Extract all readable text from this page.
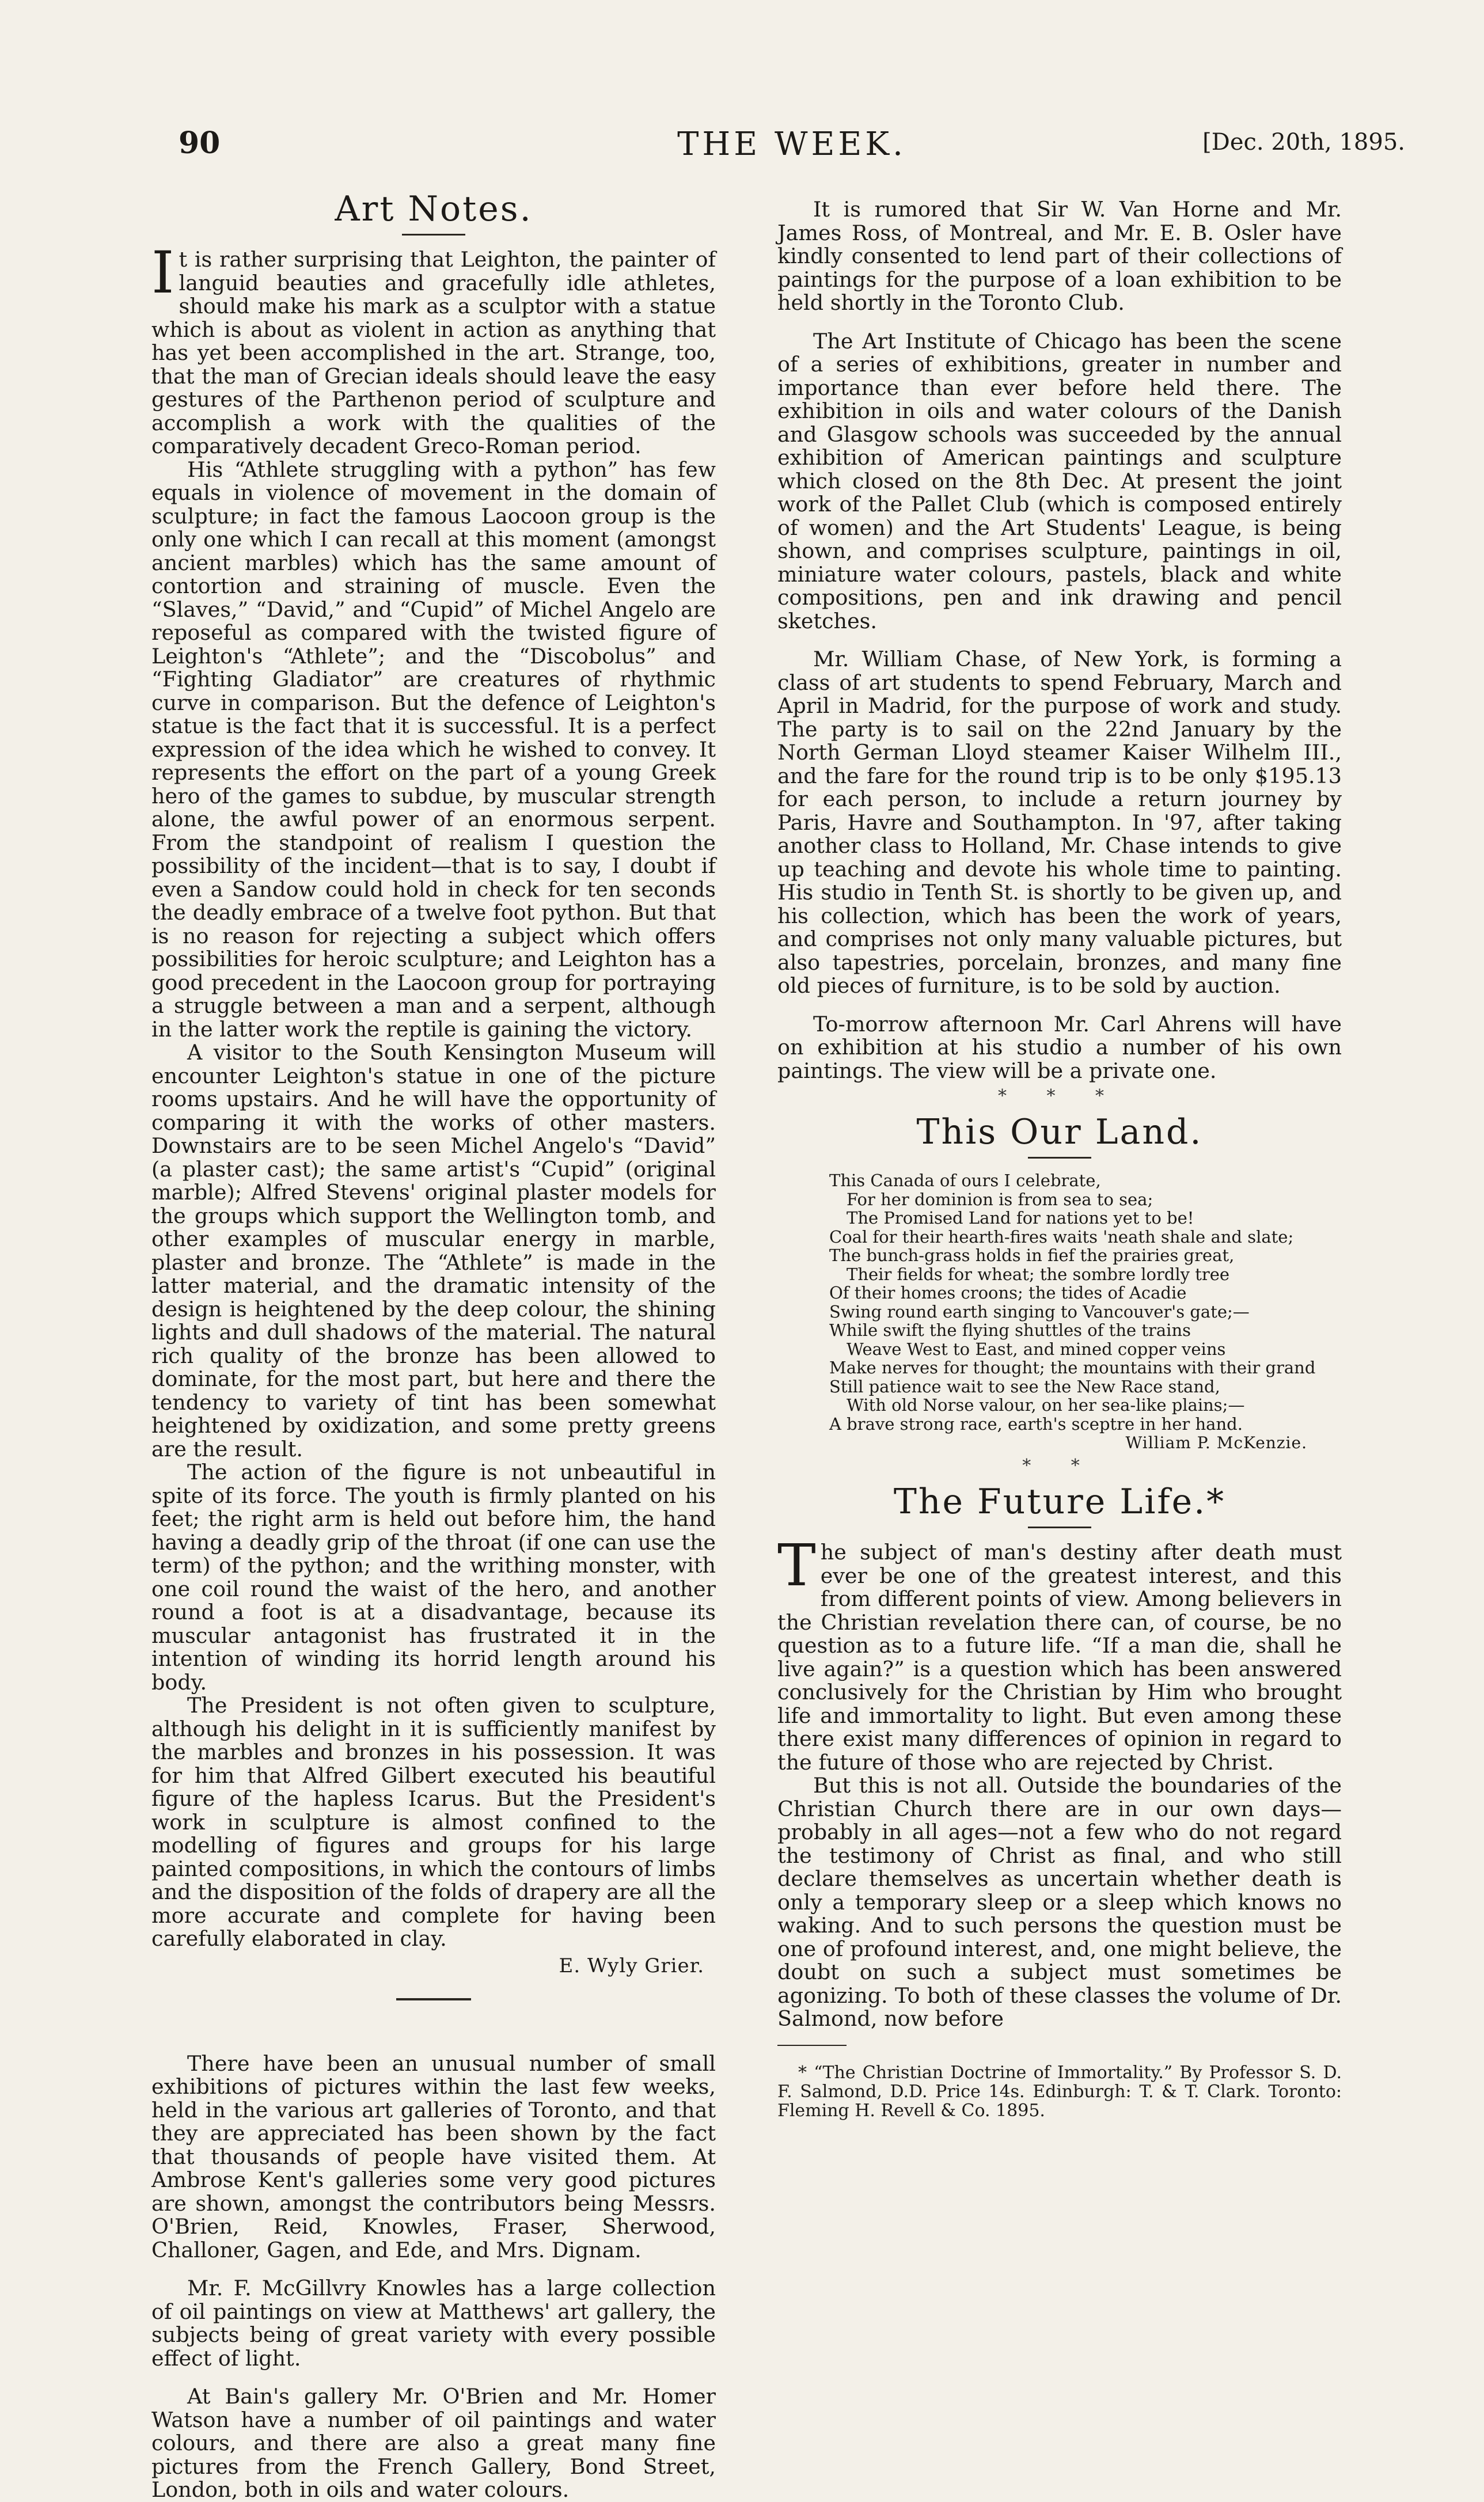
90	THE WEEK.	[Dec. 20th, 1895.
Art Notes.

It is rather surprising that Leighton, the painter of languid beauties and gracefully idle athletes, should make his mark as a sculptor with a statue which is about as violent in action as anything that has yet been accomplished in the art. Strange, too, that the man of Grecian ideals should leave the easy gestures of the Parthenon period of sculpture and accomplish a work with the qualities of the comparatively decadent Greco-Roman period.

His “Athlete struggling with a python” has few equals in violence of movement in the domain of sculpture; in fact the famous Laocoon group is the only one which I can recall at this moment (amongst ancient marbles) which has the same amount of contortion and straining of muscle. Even the “Slaves,” “David,” and “Cupid” of Michel Angelo are reposeful as compared with the twisted figure of Leighton's “Athlete”; and the “Discobolus” and “Fighting Gladiator” are creatures of rhythmic curve in comparison. But the defence of Leighton's statue is the fact that it is successful. It is a perfect expression of the idea which he wished to convey. It represents the effort on the part of a young Greek hero of the games to subdue, by muscular strength alone, the awful power of an enormous serpent. From the standpoint of realism I question the possibility of the incident—that is to say, I doubt if even a Sandow could hold in check for ten seconds the deadly embrace of a twelve foot python. But that is no reason for rejecting a subject which offers possibilities for heroic sculpture; and Leighton has a good precedent in the Laocoon group for portraying a struggle between a man and a serpent, although in the latter work the reptile is gaining the victory.

A visitor to the South Kensington Museum will encounter Leighton's statue in one of the picture rooms upstairs. And he will have the opportunity of comparing it with the works of other masters. Downstairs are to be seen Michel Angelo's “David” (a plaster cast); the same artist's “Cupid” (original marble); Alfred Stevens' original plaster models for the groups which support the Wellington tomb, and other examples of muscular energy in marble, plaster and bronze. The “Athlete” is made in the latter material, and the dramatic intensity of the design is heightened by the deep colour, the shining lights and dull shadows of the material. The natural rich quality of the bronze has been allowed to dominate, for the most part, but here and there the tendency to variety of tint has been somewhat heightened by oxidization, and some pretty greens are the result.

The action of the figure is not unbeautiful in spite of its force. The youth is firmly planted on his feet; the right arm is held out before him, the hand having a deadly grip of the throat (if one can use the term) of the python; and the writhing monster, with one coil round the waist of the hero, and another round a foot is at a disadvantage, because its muscular antagonist has frustrated it in the intention of winding its horrid length around his body.

The President is not often given to sculpture, although his delight in it is sufficiently manifest by the marbles and bronzes in his possession. It was for him that Alfred Gilbert executed his beautiful figure of the hapless Icarus. But the President's work in sculpture is almost confined to the modelling of figures and groups for his large painted compositions, in which the contours of limbs and the disposition of the folds of drapery are all the more accurate and complete for having been carefully elaborated in clay.

E. Wyly Grier.

There have been an unusual number of small exhibitions of pictures within the last few weeks, held in the various art galleries of Toronto, and that they are appreciated has been shown by the fact that thousands of people have visited them. At Ambrose Kent's galleries some very good pictures are shown, amongst the contributors being Messrs. O'Brien, Reid, Knowles, Fraser, Sherwood, Challoner, Gagen, and Ede, and Mrs. Dignam.

Mr. F. McGillvry Knowles has a large collection of oil paintings on view at Matthews' art gallery, the subjects being of great variety with every possible effect of light.

At Bain's gallery Mr. O'Brien and Mr. Homer Watson have a number of oil paintings and water colours, and there are also a great many fine pictures from the French Gallery, Bond Street, London, both in oils and water colours.

It is rumored that Sir W. Van Horne and Mr. James Ross, of Montreal, and Mr. E. B. Osler have kindly consented to lend part of their collections of paintings for the purpose of a loan exhibition to be held shortly in the Toronto Club.

The Art Institute of Chicago has been the scene of a series of exhibitions, greater in number and importance than ever before held there. The exhibition in oils and water colours of the Danish and Glasgow schools was succeeded by the annual exhibition of American paintings and sculpture which closed on the 8th Dec. At present the joint work of the Pallet Club (which is composed entirely of women) and the Art Students' League, is being shown, and comprises sculpture, paintings in oil, miniature water colours, pastels, black and white compositions, pen and ink drawing and pencil sketches.

Mr. William Chase, of New York, is forming a class of art students to spend February, March and April in Madrid, for the purpose of work and study. The party is to sail on the 22nd January by the North German Lloyd steamer Kaiser Wilhelm III., and the fare for the round trip is to be only $195.13 for each person, to include a return journey by Paris, Havre and Southampton. In '97, after taking another class to Holland, Mr. Chase intends to give up teaching and devote his whole time to painting. His studio in Tenth St. is shortly to be given up, and his collection, which has been the work of years, and comprises not only many valuable pictures, but also tapestries, porcelain, bronzes, and many fine old pieces of furniture, is to be sold by auction.

To-morrow afternoon Mr. Carl Ahrens will have on exhibition at his studio a number of his own paintings. The view will be a private one.

* * *
This Our Land.
This Canada of ours I celebrate,
For her dominion is from sea to sea;
The Promised Land for nations yet to be!
Coal for their hearth-fires waits 'neath shale and slate;
The bunch-grass holds in fief the prairies great,
Their fields for wheat; the sombre lordly tree
Of their homes croons; the tides of Acadie
Swing round earth singing to Vancouver's gate;—
While swift the flying shuttles of the trains
Weave West to East, and mined copper veins
Make nerves for thought; the mountains with their grand
Still patience wait to see the New Race stand,
With old Norse valour, on her sea-like plains;—
A brave strong race, earth's sceptre in her hand.
William P. McKenzie.
* *
The Future Life.*

The subject of man's destiny after death must ever be one of the greatest interest, and this from different points of view. Among believers in the Christian revelation there can, of course, be no question as to a future life. “If a man die, shall he live again?” is a question which has been answered conclusively for the Christian by Him who brought life and immortality to light. But even among these there exist many differences of opinion in regard to the future of those who are rejected by Christ.

But this is not all. Outside the boundaries of the Christian Church there are in our own days—probably in all ages—not a few who do not regard the testimony of Christ as final, and who still declare themselves as uncertain whether death is only a temporary sleep or a sleep which knows no waking. And to such persons the question must be one of profound interest, and, one might believe, the doubt on such a subject must sometimes be agonizing. To both of these classes the volume of Dr. Salmond, now before

* “The Christian Doctrine of Immortality.” By Professor S. D. F. Salmond, D.D. Price 14s. Edinburgh: T. & T. Clark. Toronto: Fleming H. Revell & Co. 1895.
